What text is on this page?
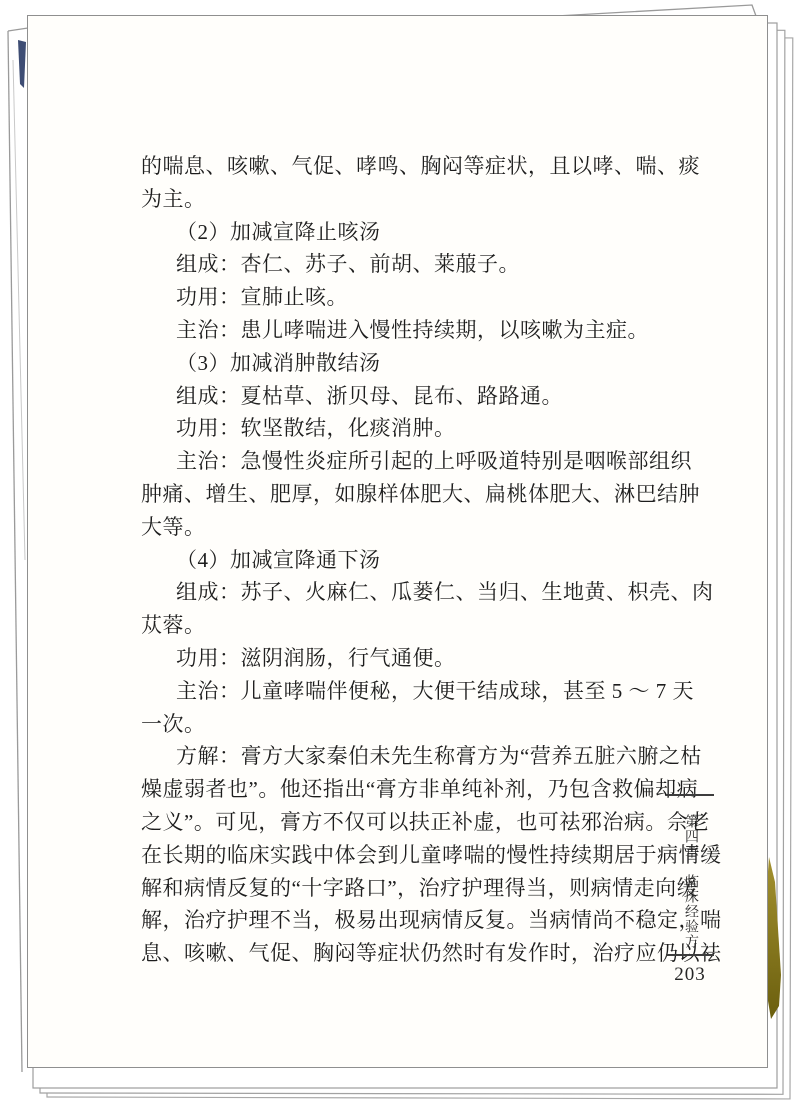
的喘息、咳嗽、气促、哮鸣、胸闷等症状，且以哮、喘、痰
为主。
（2）加减宣降止咳汤
组成：杏仁、苏子、前胡、莱菔子。
功用：宣肺止咳。
主治：患儿哮喘进入慢性持续期，以咳嗽为主症。
（3）加减消肿散结汤
组成：夏枯草、浙贝母、昆布、路路通。
功用：软坚散结，化痰消肿。
主治：急慢性炎症所引起的上呼吸道特别是咽喉部组织
肿痛、增生、肥厚，如腺样体肥大、扁桃体肥大、淋巴结肿
大等。
（4）加减宣降通下汤
组成：苏子、火麻仁、瓜蒌仁、当归、生地黄、枳壳、肉
苁蓉。
功用：滋阴润肠，行气通便。
主治：儿童哮喘伴便秘，大便干结成球，甚至 5 ～ 7 天
一次。
方解：膏方大家秦伯未先生称膏方为“营养五脏六腑之枯
燥虚弱者也”。他还指出“膏方非单纯补剂，乃包含救偏却病
之义”。可见，膏方不仅可以扶正补虚，也可祛邪治病。佘老
在长期的临床实践中体会到儿童哮喘的慢性持续期居于病情缓
解和病情反复的“十字路口”，治疗护理得当，则病情走向缓
解，治疗护理不当，极易出现病情反复。当病情尚不稳定，喘
息、咳嗽、气促、胸闷等症状仍然时有发作时，治疗应仍以祛
第四章　临床经验方
203
